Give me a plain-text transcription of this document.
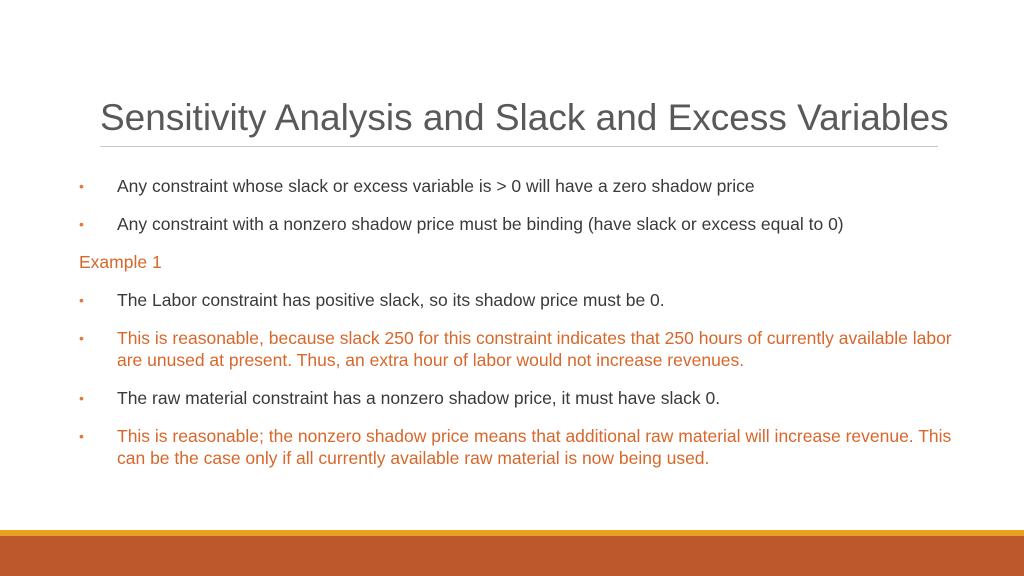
Sensitivity Analysis and Slack and Excess Variables
•	Any constraint whose slack or excess variable is > 0 will have a zero shadow price
•	Any constraint with a nonzero shadow price must be binding (have slack or excess equal to 0)
Example 1
•	The Labor constraint has positive slack, so its shadow price must be 0.
•	This is reasonable, because slack 250 for this constraint indicates that 250 hours of currently available labor are unused at present. Thus, an extra hour of labor would not increase revenues.
•	The raw material constraint has a nonzero shadow price, it must have slack 0.
•	This is reasonable; the nonzero shadow price means that additional raw material will increase revenue. This can be the case only if all currently available raw material is now being used.
